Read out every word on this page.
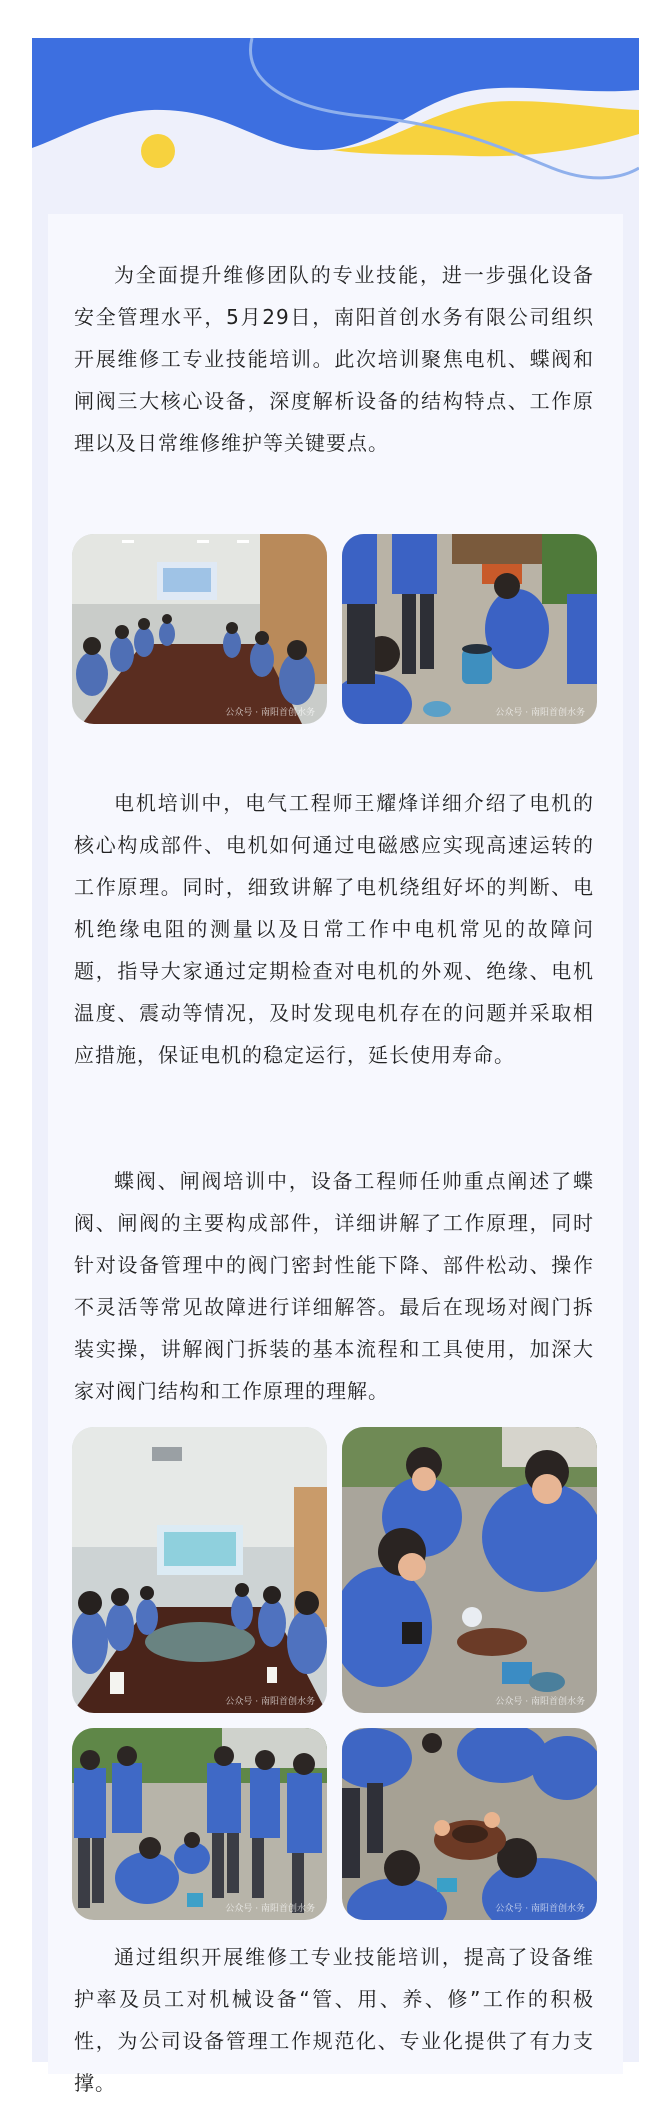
为全面提升维修团队的专业技能，进一步强化设备安全管理水平，5月29日，南阳首创水务有限公司组织开展维修工专业技能培训。此次培训聚焦电机、蝶阀和闸阀三大核心设备，深度解析设备的结构特点、工作原理以及日常维修维护等关键要点。

公众号 · 南阳首创水务	公众号 · 南阳首创水务

电机培训中，电气工程师王耀烽详细介绍了电机的核心构成部件、电机如何通过电磁感应实现高速运转的工作原理。同时，细致讲解了电机绕组好坏的判断、电机绝缘电阻的测量以及日常工作中电机常见的故障问题，指导大家通过定期检查对电机的外观、绝缘、电机温度、震动等情况，及时发现电机存在的问题并采取相应措施，保证电机的稳定运行，延长使用寿命。

蝶阀、闸阀培训中，设备工程师任帅重点阐述了蝶阀、闸阀的主要构成部件，详细讲解了工作原理，同时针对设备管理中的阀门密封性能下降、部件松动、操作不灵活等常见故障进行详细解答。最后在现场对阀门拆装实操，讲解阀门拆装的基本流程和工具使用，加深大家对阀门结构和工作原理的理解。

公众号 · 南阳首创水务	公众号 · 南阳首创水务
公众号 · 南阳首创水务	公众号 · 南阳首创水务

通过组织开展维修工专业技能培训，提高了设备维护率及员工对机械设备“管、用、养、修”工作的积极性，为公司设备管理工作规范化、专业化提供了有力支撑。
